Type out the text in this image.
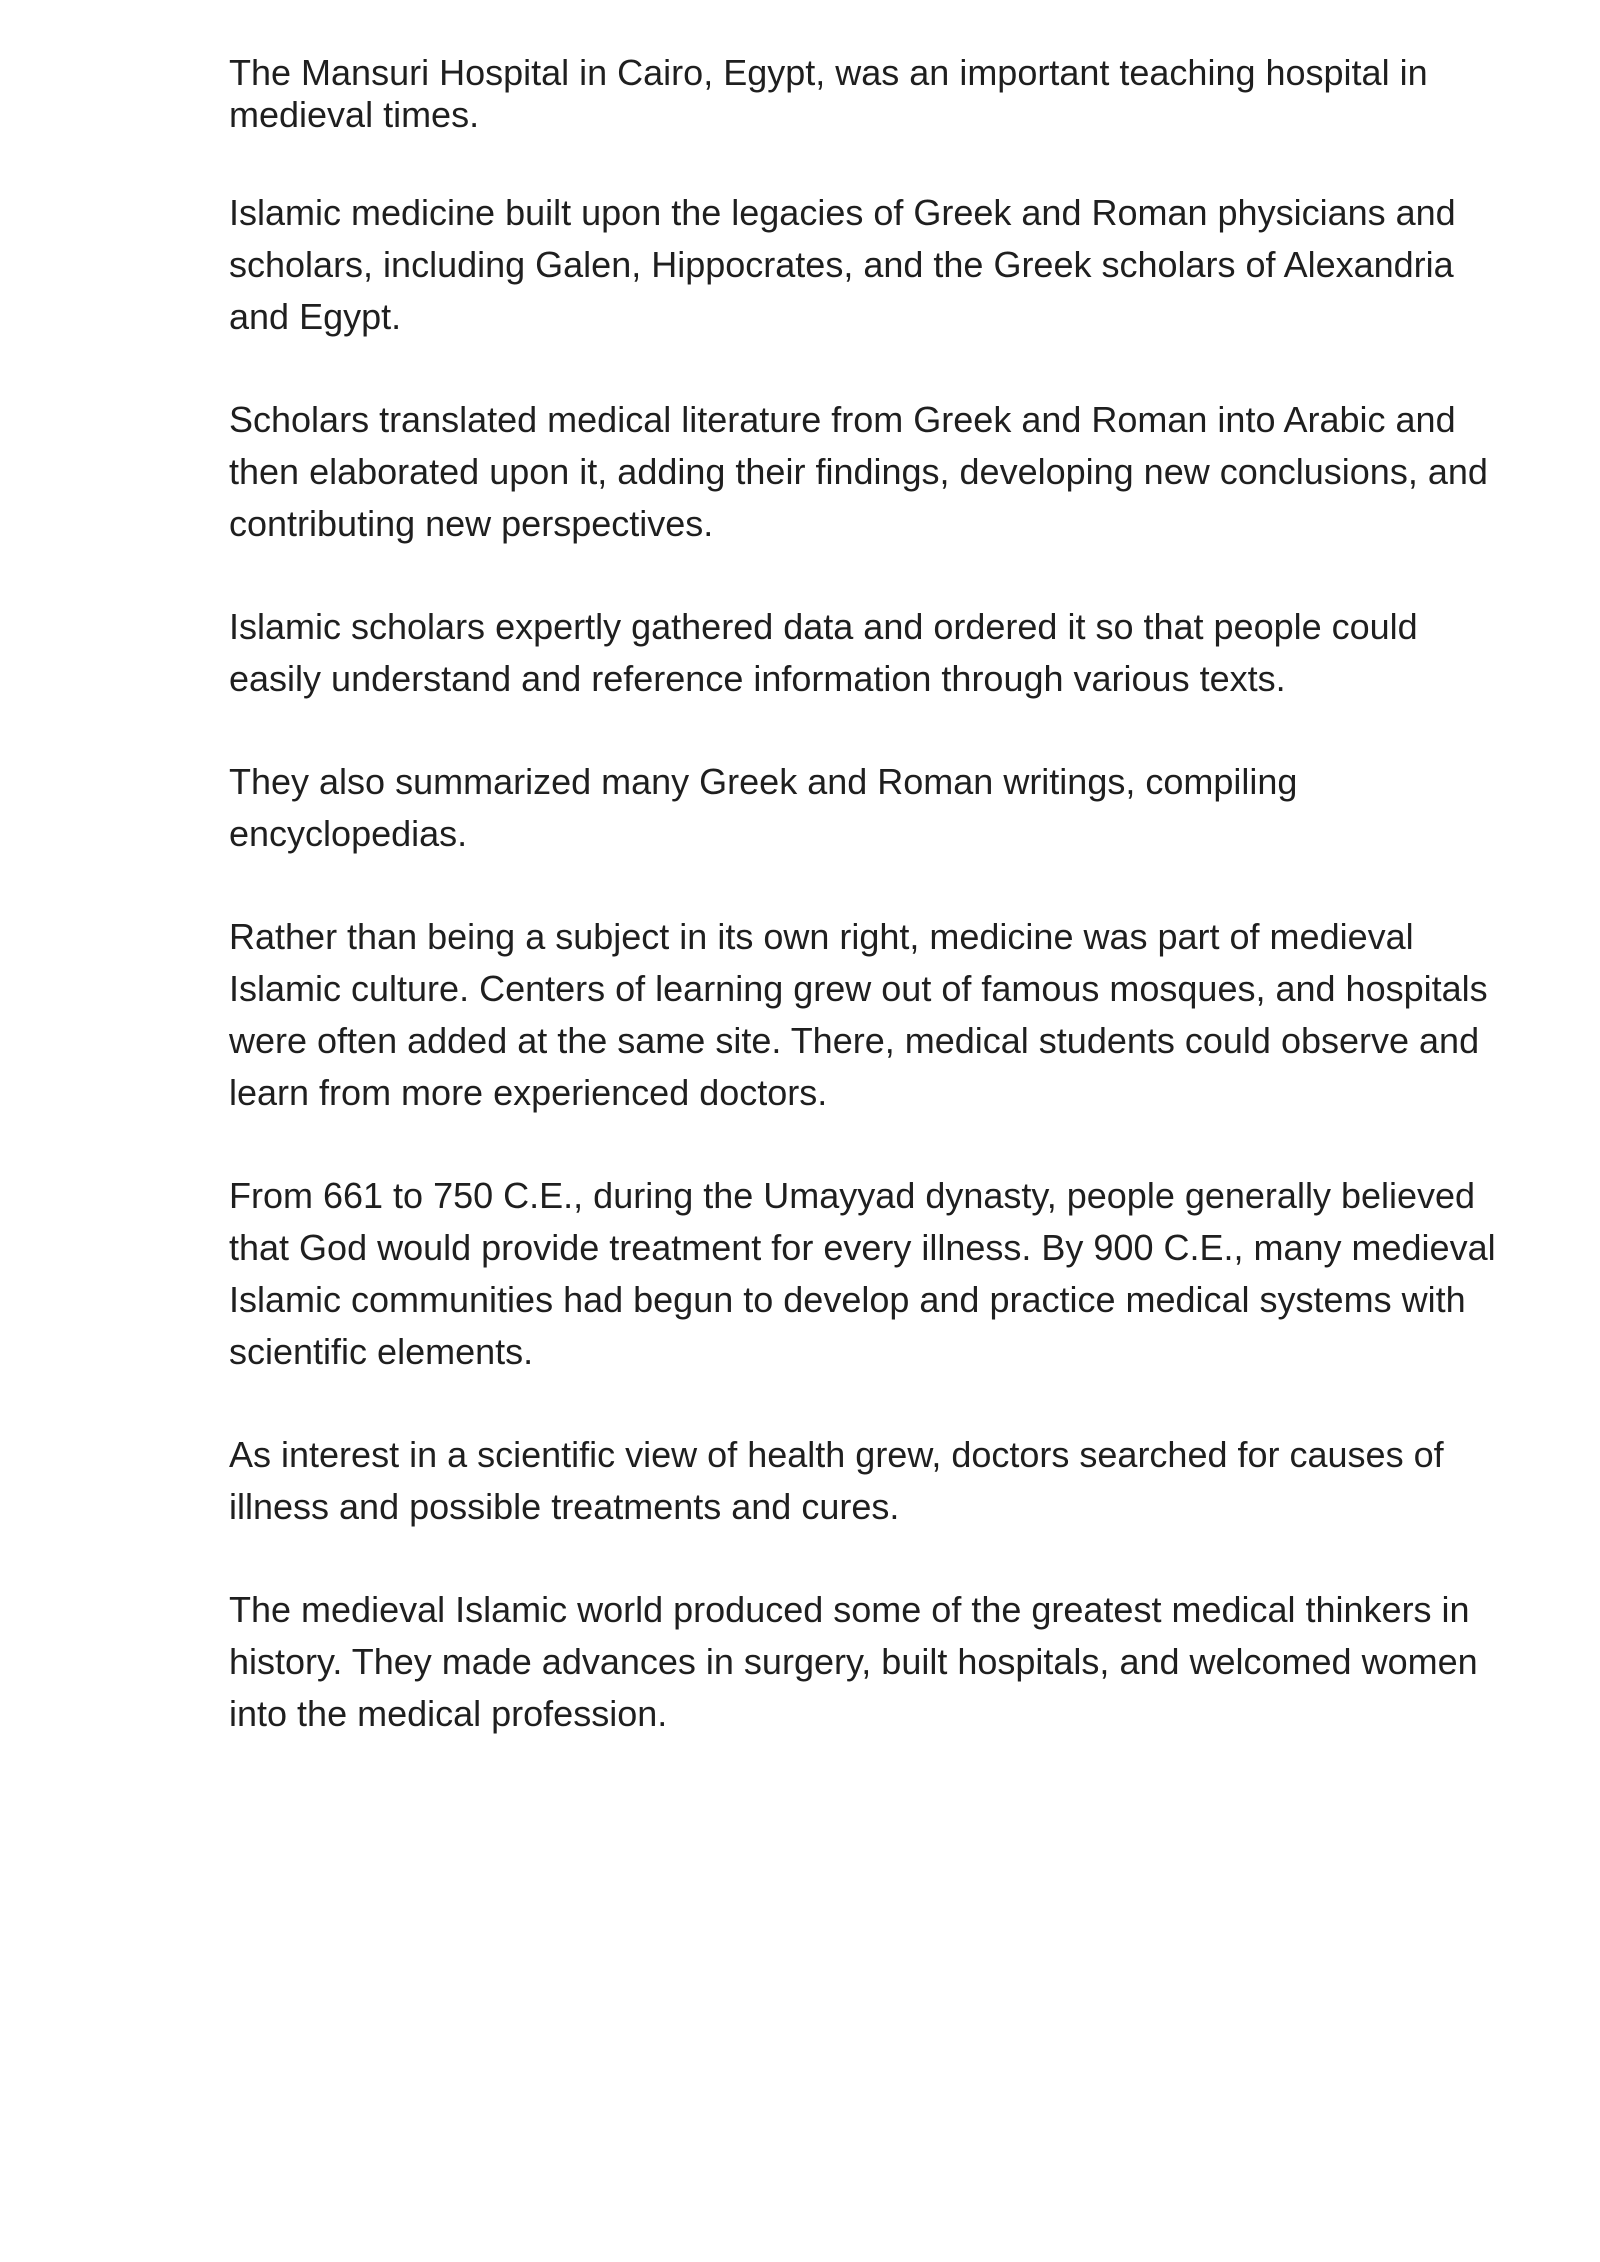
The Mansuri Hospital in Cairo, Egypt, was an important teaching hospital in medieval times.

Islamic medicine built upon the legacies of Greek and Roman physicians and scholars, including Galen, Hippocrates, and the Greek scholars of Alexandria and Egypt.

Scholars translated medical literature from Greek and Roman into Arabic and then elaborated upon it, adding their findings, developing new conclusions, and contributing new perspectives.

Islamic scholars expertly gathered data and ordered it so that people could easily understand and reference information through various texts.

They also summarized many Greek and Roman writings, compiling encyclopedias.

Rather than being a subject in its own right, medicine was part of medieval Islamic culture. Centers of learning grew out of famous mosques, and hospitals were often added at the same site. There, medical students could observe and learn from more experienced doctors.

From 661 to 750 C.E., during the Umayyad dynasty, people generally believed that God would provide treatment for every illness. By 900 C.E., many medieval Islamic communities had begun to develop and practice medical systems with scientific elements.

As interest in a scientific view of health grew, doctors searched for causes of illness and possible treatments and cures.

The medieval Islamic world produced some of the greatest medical thinkers in history. They made advances in surgery, built hospitals, and welcomed women into the medical profession.
